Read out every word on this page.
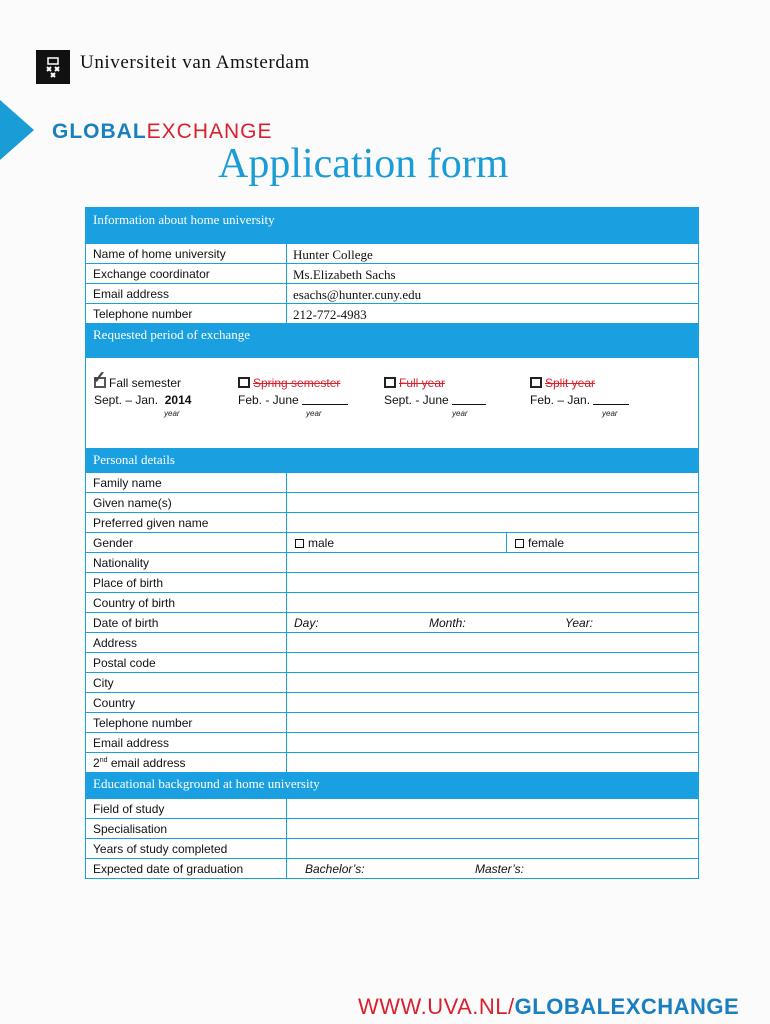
Universiteit van Amsterdam
GLOBALEXCHANGE
Application form
Information about home university
Name of home university	Hunter College
Exchange coordinator	Ms.Elizabeth Sachs
Email address	esachs@hunter.cuny.edu
Telephone number	212-772-4983
Requested period of exchange
✓ Fall semester
Sept. – Jan. 2014
year
Spring semester
Feb. - June
year
Full year
Sept. - June
year
Split year
Feb. – Jan.
year
Personal details
Family name
Given name(s)
Preferred given name
Gender	male	female
Nationality
Place of birth
Country of birth
Date of birth	Day:	Month:	Year:
Address
Postal code
City
Country
Telephone number
Email address
2nd email address
Educational background at home university
Field of study
Specialisation
Years of study completed
Expected date of graduation	Bachelor’s:	Master’s:
WWW.UVA.NL/GLOBALEXCHANGE
